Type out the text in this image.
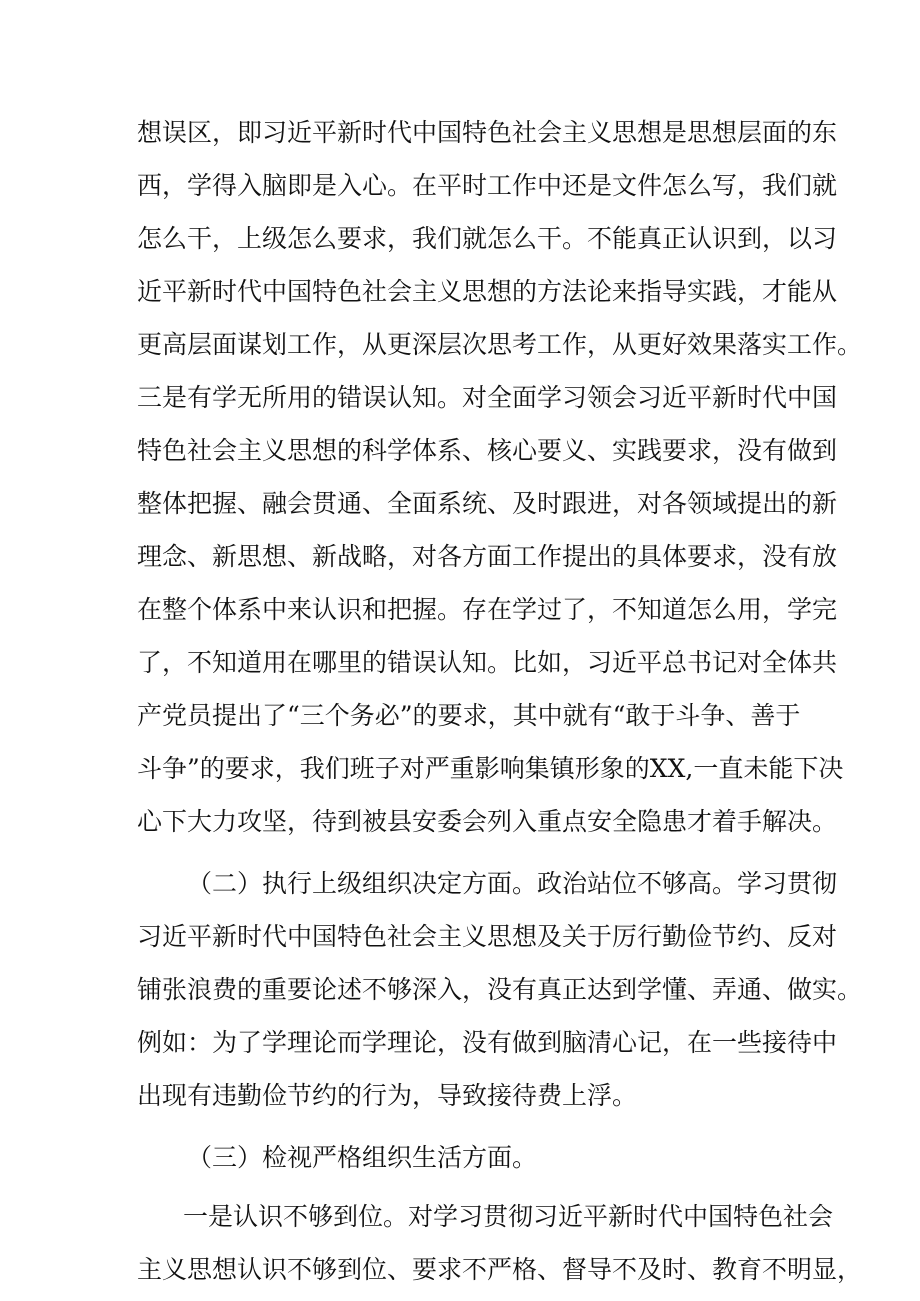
想误区，即习近平新时代中国特色社会主义思想是思想层面的东
西，学得入脑即是入心。在平时工作中还是文件怎么写，我们就
怎么干，上级怎么要求，我们就怎么干。不能真正认识到，以习
近平新时代中国特色社会主义思想的方法论来指导实践，才能从
更高层面谋划工作，从更深层次思考工作，从更好效果落实工作。
三是有学无所用的错误认知。对全面学习领会习近平新时代中国
特色社会主义思想的科学体系、核心要义、实践要求，没有做到
整体把握、融会贯通、全面系统、及时跟进，对各领域提出的新
理念、新思想、新战略，对各方面工作提出的具体要求，没有放
在整个体系中来认识和把握。存在学过了，不知道怎么用，学完
了，不知道用在哪里的错误认知。比如，习近平总书记对全体共
产党员提出了“三个务必”的要求，其中就有“敢于斗争、善于
斗争”的要求，我们班子对严重影响集镇形象的XX,一直未能下决
心下大力攻坚，待到被县安委会列入重点安全隐患才着手解决。
（二）执行上级组织决定方面。政治站位不够高。学习贯彻
习近平新时代中国特色社会主义思想及关于厉行勤俭节约、反对
铺张浪费的重要论述不够深入，没有真正达到学懂、弄通、做实。
例如：为了学理论而学理论，没有做到脑清心记，在一些接待中
出现有违勤俭节约的行为，导致接待费上浮。
（三）检视严格组织生活方面。
一是认识不够到位。对学习贯彻习近平新时代中国特色社会
主义思想认识不够到位、要求不严格、督导不及时、教育不明显，
